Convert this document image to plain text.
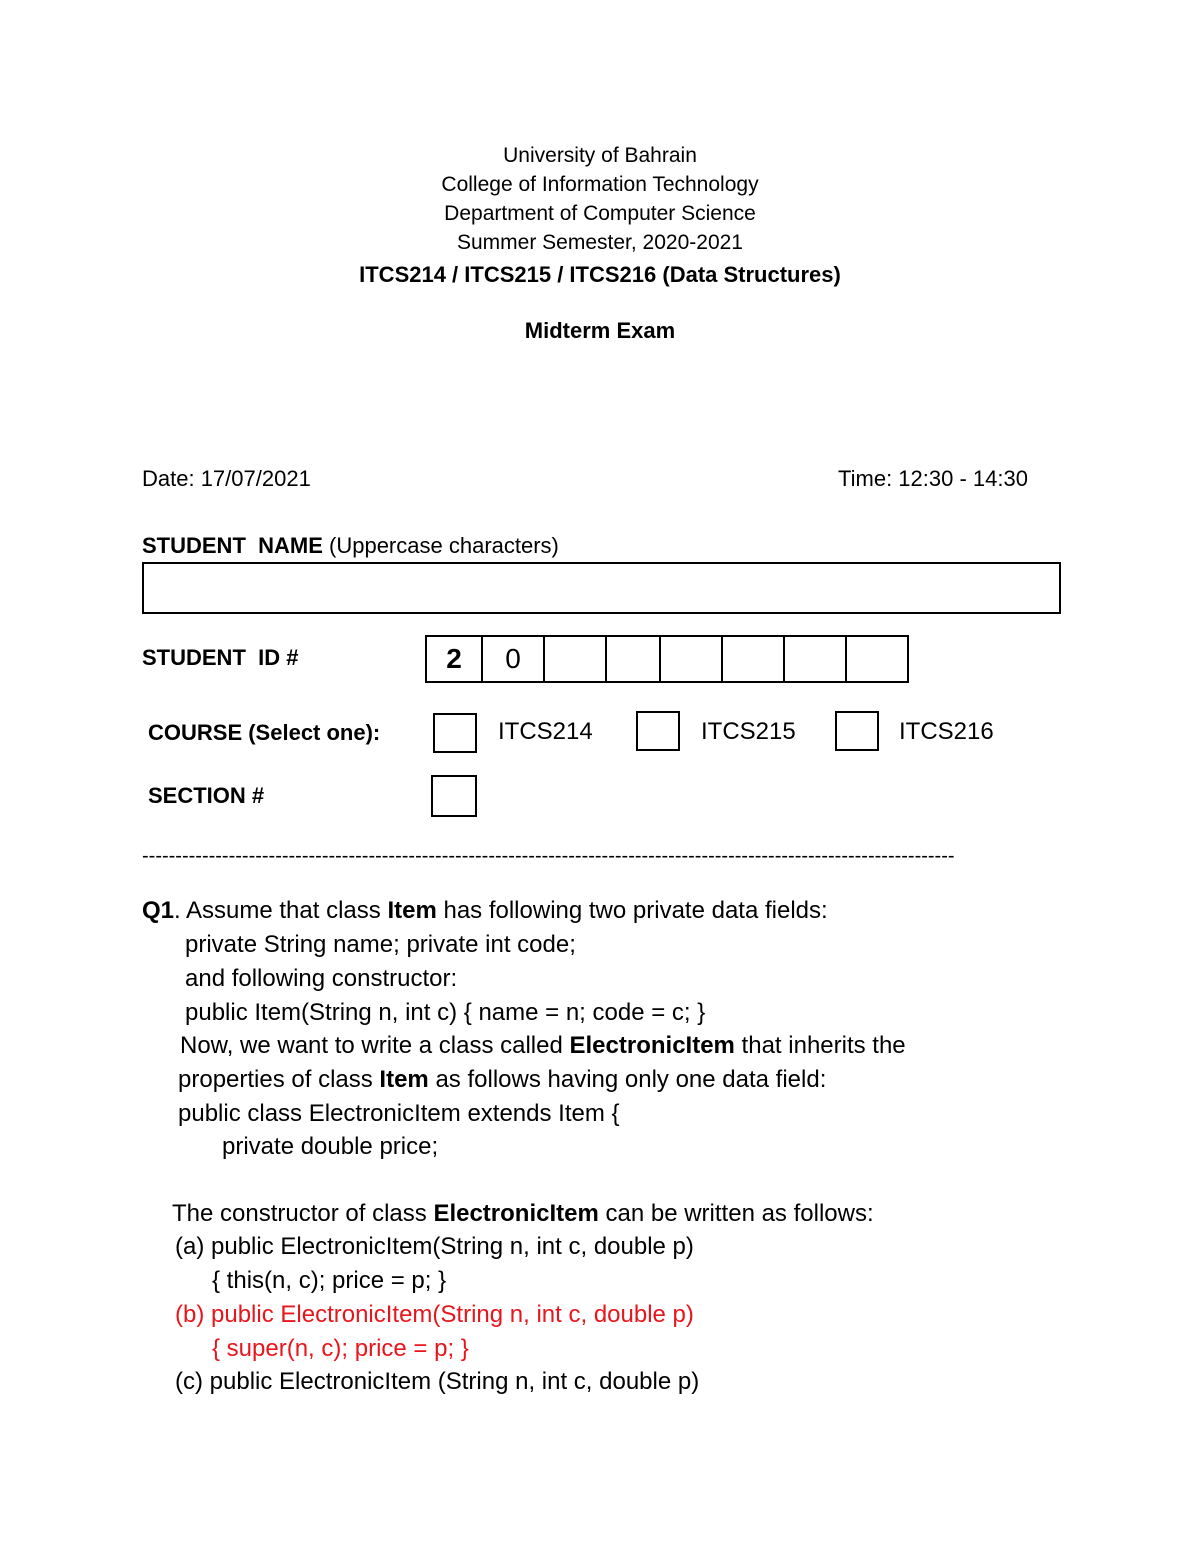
University of Bahrain
College of Information Technology
Department of Computer Science
Summer Semester, 2020-2021
ITCS214 / ITCS215 / ITCS216 (Data Structures)
Midterm Exam
Date: 17/07/2021	Time: 12:30 - 14:30
STUDENT  NAME (Uppercase characters)
STUDENT  ID #	2	0
COURSE (Select one):	ITCS214	ITCS215	ITCS216
SECTION #
--------------------------------------------------------------------------------------------------------------------------
Q1. Assume that class Item has following two private data fields:
private String name; private int code;
and following constructor:
public Item(String n, int c) { name = n; code = c; }
Now, we want to write a class called ElectronicItem that inherits the
properties of class Item as follows having only one data field:
public class ElectronicItem extends Item {
private double price;
The constructor of class ElectronicItem can be written as follows:
(a) public ElectronicItem(String n, int c, double p)
{ this(n, c); price = p; }
(b) public ElectronicItem(String n, int c, double p)
{ super(n, c); price = p; }
(c) public ElectronicItem (String n, int c, double p)
